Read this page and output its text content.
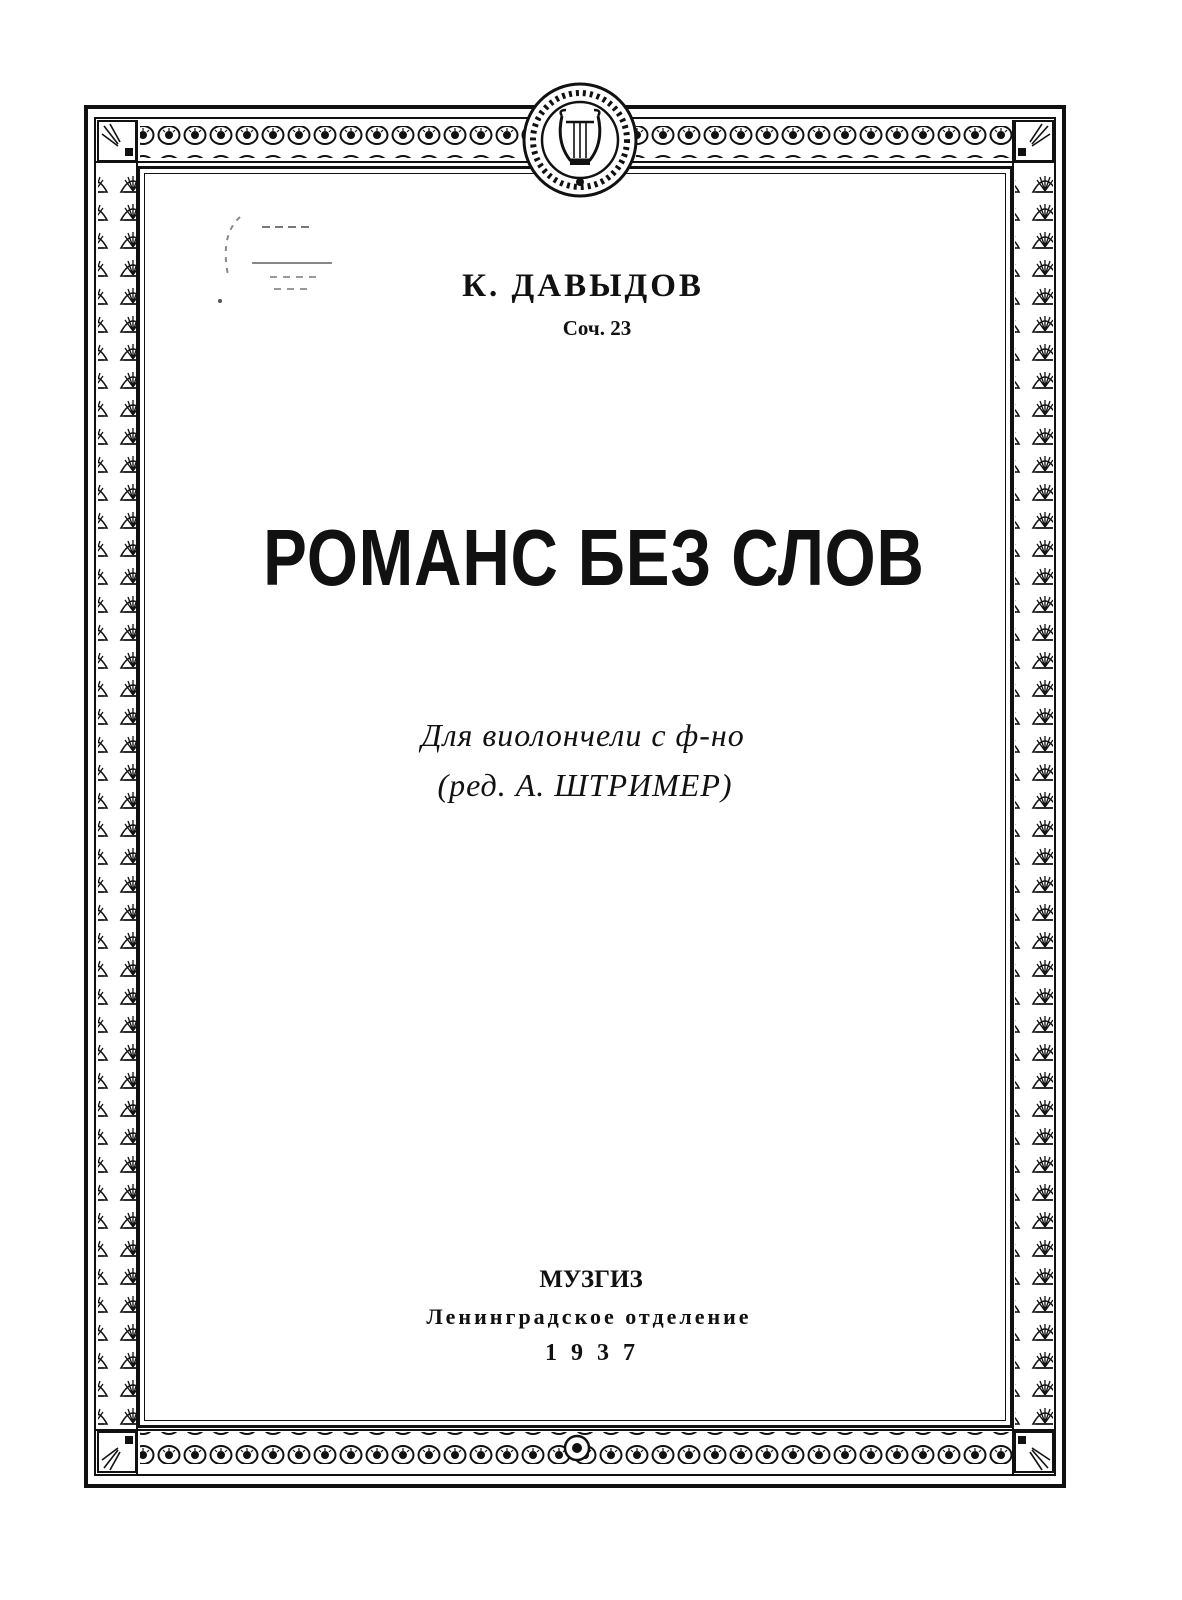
К. ДАВЫДОВ
Соч. 23
РОМАНС БЕЗ СЛОВ
Для виолончели с ф-но
(ред. А. ШТРИМЕР)
МУЗГИЗ
Ленинградское отделение
1937
